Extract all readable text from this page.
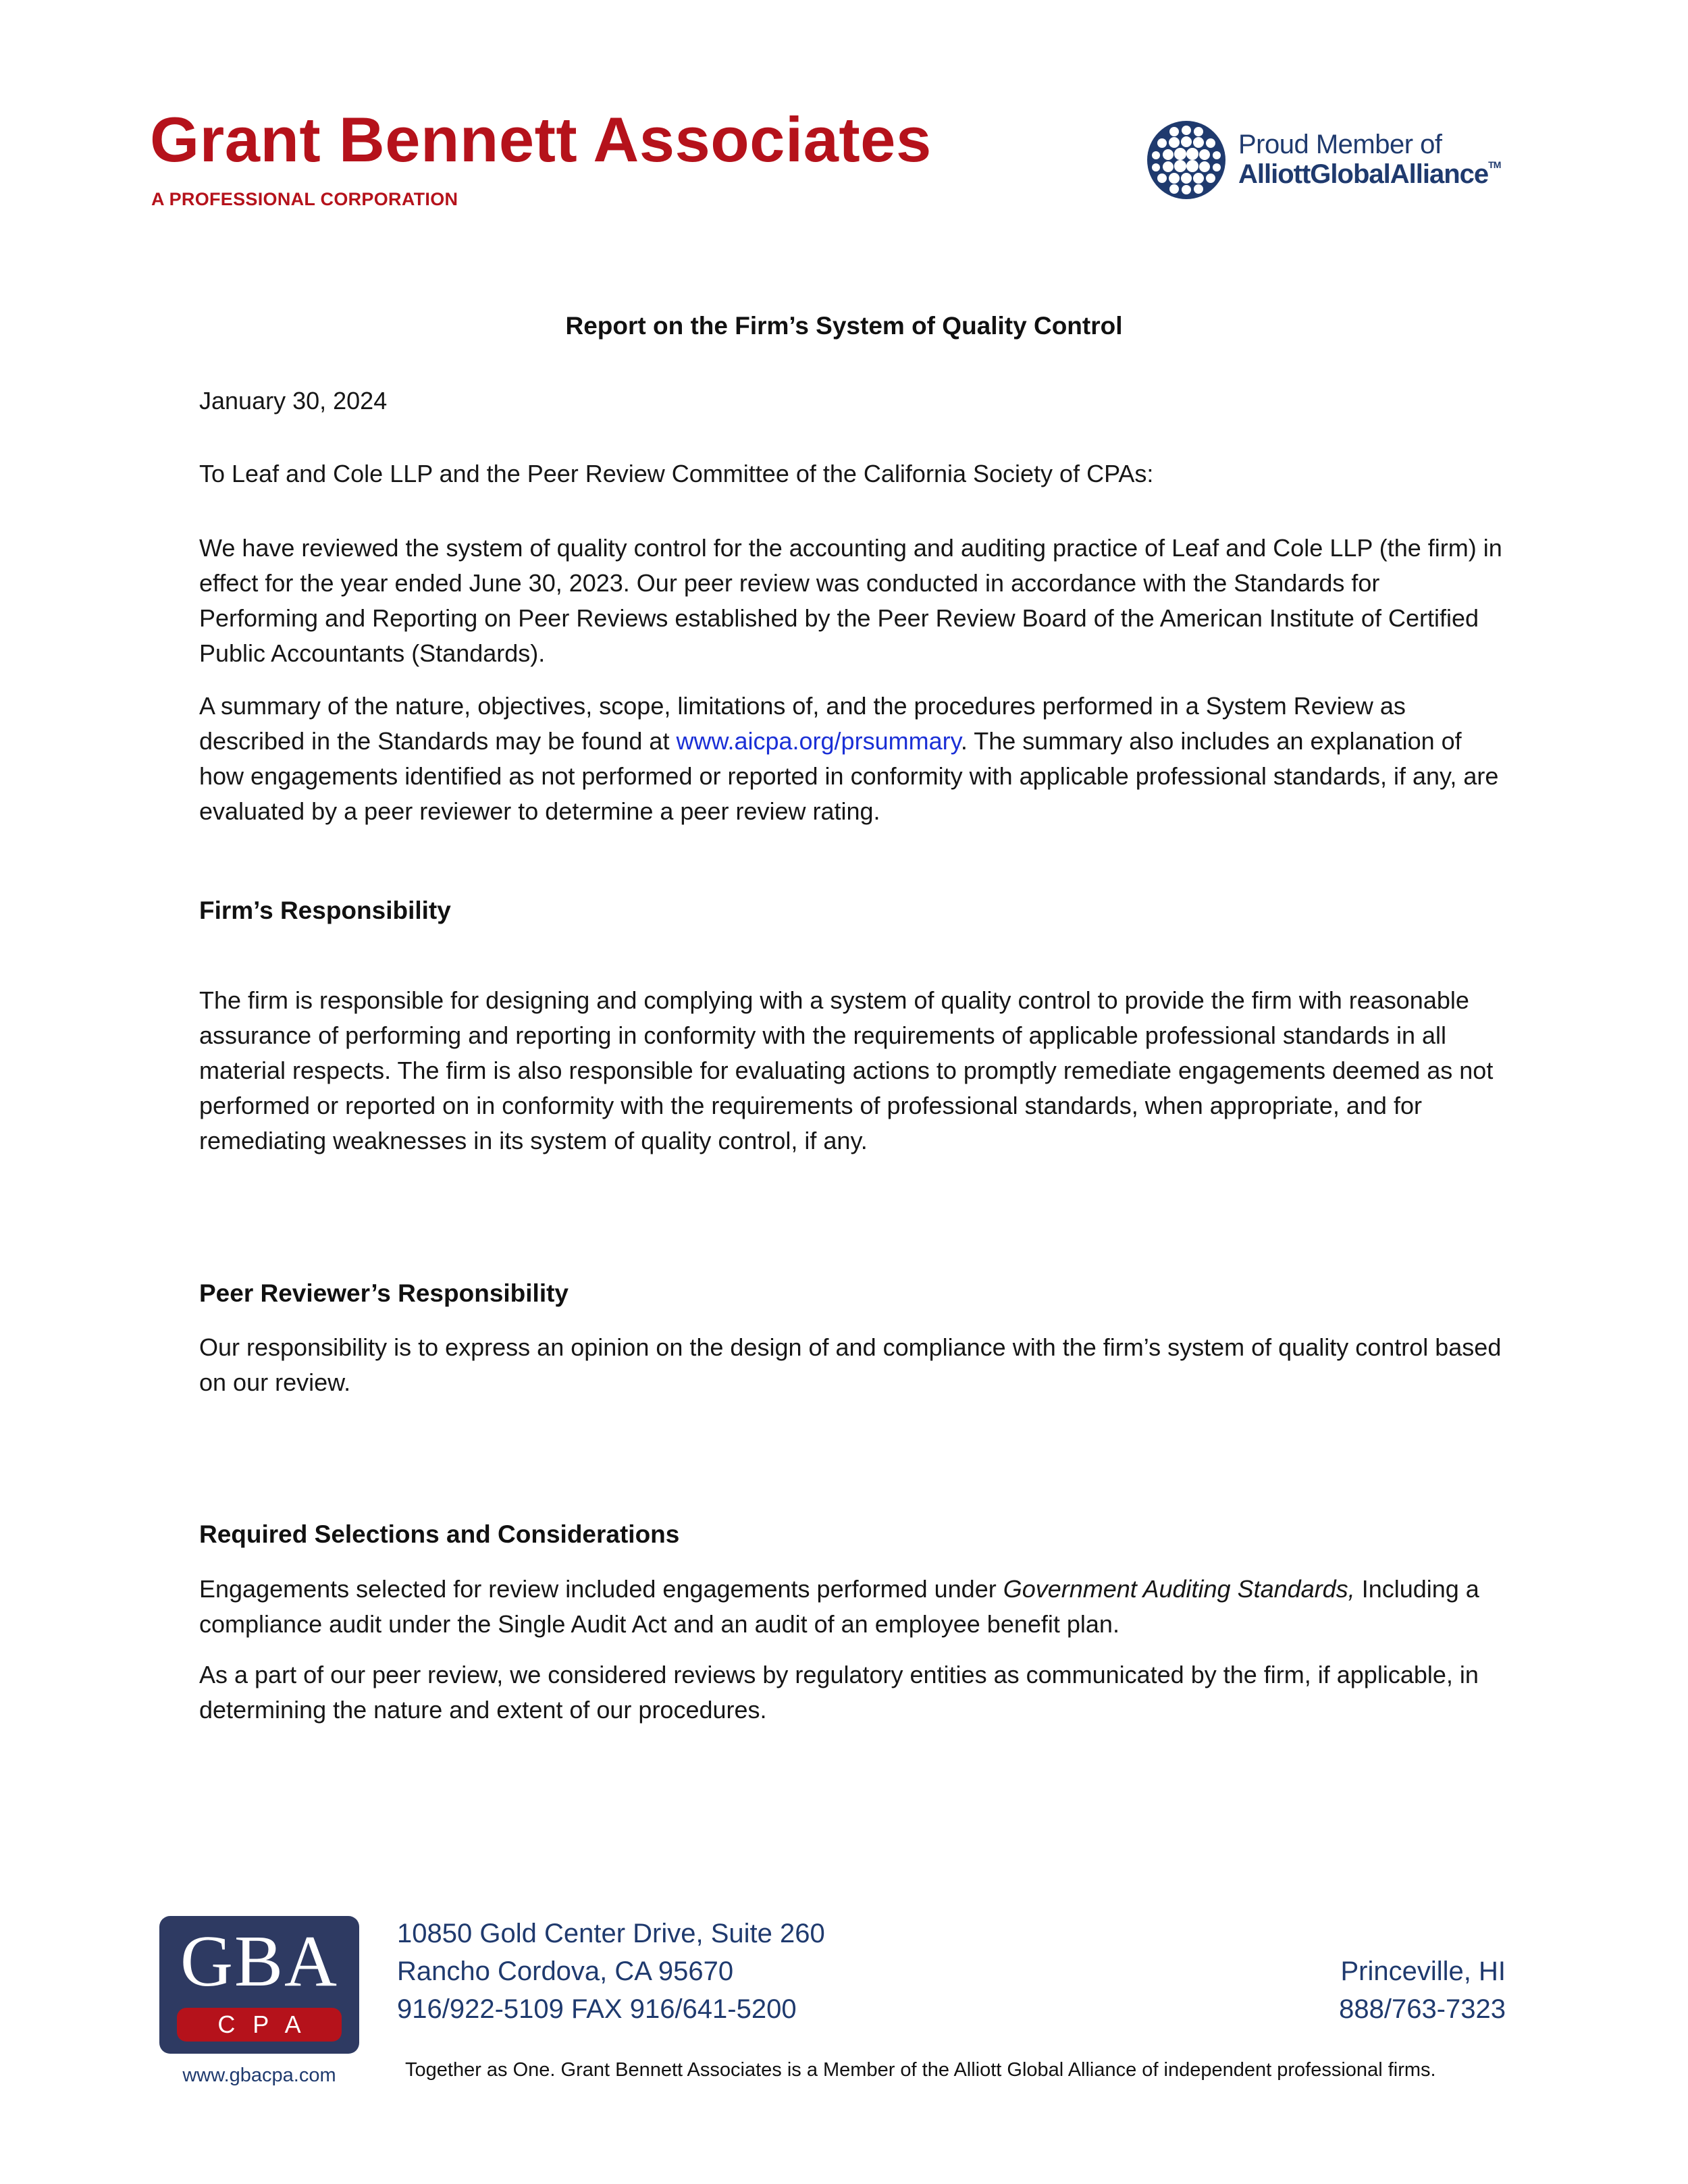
Grant Bennett Associates
A PROFESSIONAL CORPORATION
Proud Member of
AlliottGlobalAlliance™
Report on the Firm’s System of Quality Control

January 30, 2024

To Leaf and Cole LLP and the Peer Review Committee of the California Society of CPAs:

We have reviewed the system of quality control for the accounting and auditing practice of Leaf and Cole LLP (the firm) in effect for the year ended June 30, 2023. Our peer review was conducted in accordance with the Standards for Performing and Reporting on Peer Reviews established by the Peer Review Board of the American Institute of Certified Public Accountants (Standards).

A summary of the nature, objectives, scope, limitations of, and the procedures performed in a System Review as described in the Standards may be found at www.aicpa.org/prsummary. The summary also includes an explanation of how engagements identified as not performed or reported in conformity with applicable professional standards, if any, are evaluated by a peer reviewer to determine a peer review rating.

Firm’s Responsibility

The firm is responsible for designing and complying with a system of quality control to provide the firm with reasonable assurance of performing and reporting in conformity with the requirements of applicable professional standards in all material respects. The firm is also responsible for evaluating actions to promptly remediate engagements deemed as not performed or reported on in conformity with the requirements of professional standards, when appropriate, and for remediating weaknesses in its system of quality control, if any.

Peer Reviewer’s Responsibility

Our responsibility is to express an opinion on the design of and compliance with the firm’s system of quality control based on our review.

Required Selections and Considerations

Engagements selected for review included engagements performed under Government Auditing Standards, Including a compliance audit under the Single Audit Act and an audit of an employee benefit plan.

As a part of our peer review, we considered reviews by regulatory entities as communicated by the firm, if applicable, in determining the nature and extent of our procedures.

GBA
CPA
www.gbacpa.com
10850 Gold Center Drive, Suite 260
Rancho Cordova, CA 95670
916/922-5109 FAX 916/641-5200
Princeville, HI
888/763-7323
Together as One. Grant Bennett Associates is a Member of the Alliott Global Alliance of independent professional firms.
